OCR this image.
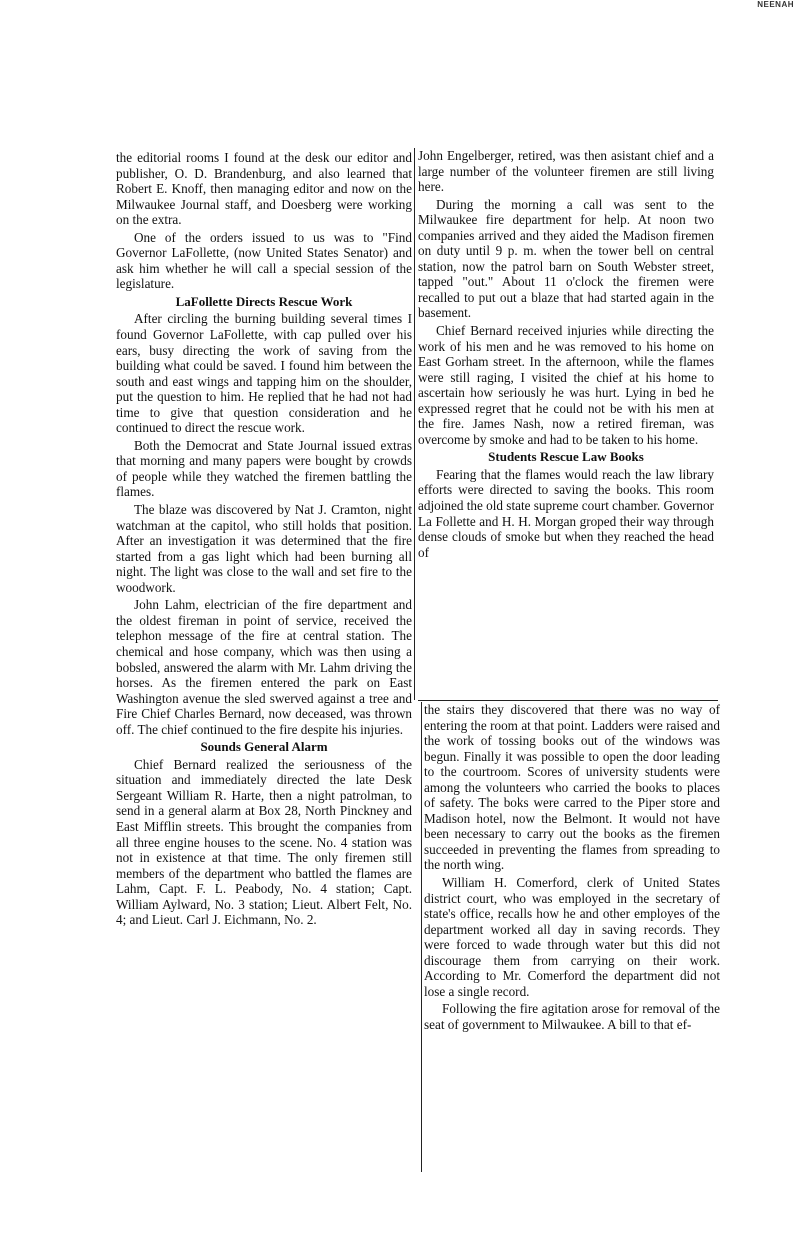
NEENAH

the editorial rooms I found at the desk our editor and publisher, O. D. Brandenburg, and also learned that Robert E. Knoff, then managing editor and now on the Milwaukee Journal staff, and Doesberg were working on the extra.

One of the orders issued to us was to "Find Governor LaFollette, (now United States Senator) and ask him whether he will call a special session of the legislature.

LaFollette Directs Rescue Work

After circling the burning building several times I found Governor LaFollette, with cap pulled over his ears, busy directing the work of saving from the building what could be saved. I found him between the south and east wings and tapping him on the shoulder, put the question to him. He replied that he had not had time to give that question consideration and he continued to direct the rescue work.

Both the Democrat and State Journal issued extras that morning and many papers were bought by crowds of people while they watched the firemen battling the flames.

The blaze was discovered by Nat J. Cramton, night watchman at the capitol, who still holds that position. After an investigation it was determined that the fire started from a gas light which had been burning all night. The light was close to the wall and set fire to the woodwork.

John Lahm, electrician of the fire department and the oldest fireman in point of service, received the telephon message of the fire at central station. The chemical and hose company, which was then using a bobsled, answered the alarm with Mr. Lahm driving the horses. As the firemen entered the park on East Washington avenue the sled swerved against a tree and Fire Chief Charles Bernard, now deceased, was thrown off. The chief continued to the fire despite his injuries.

Sounds General Alarm

Chief Bernard realized the seriousness of the situation and immediately directed the late Desk Sergeant William R. Harte, then a night patrolman, to send in a general alarm at Box 28, North Pinckney and East Mifflin streets. This brought the companies from all three engine houses to the scene. No. 4 station was not in existence at that time. The only firemen still members of the department who battled the flames are Lahm, Capt. F. L. Peabody, No. 4 station; Capt. William Aylward, No. 3 station; Lieut. Albert Felt, No. 4; and Lieut. Carl J. Eichmann, No. 2.

John Engelberger, retired, was then asistant chief and a large number of the volunteer firemen are still living here.

During the morning a call was sent to the Milwaukee fire department for help. At noon two companies arrived and they aided the Madison firemen on duty until 9 p. m. when the tower bell on central station, now the patrol barn on South Webster street, tapped "out." About 11 o'clock the firemen were recalled to put out a blaze that had started again in the basement.

Chief Bernard received injuries while directing the work of his men and he was removed to his home on East Gorham street. In the afternoon, while the flames were still raging, I visited the chief at his home to ascertain how seriously he was hurt. Lying in bed he expressed regret that he could not be with his men at the fire. James Nash, now a retired fireman, was overcome by smoke and had to be taken to his home.

Students Rescue Law Books

Fearing that the flames would reach the law library efforts were directed to saving the books. This room adjoined the old state supreme court chamber. Governor La Follette and H. H. Morgan groped their way through dense clouds of smoke but when they reached the head of

the stairs they discovered that there was no way of entering the room at that point. Ladders were raised and the work of tossing books out of the windows was begun. Finally it was possible to open the door leading to the courtroom. Scores of university students were among the volunteers who carried the books to places of safety. The boks were carred to the Piper store and Madison hotel, now the Belmont. It would not have been necessary to carry out the books as the firemen succeeded in preventing the flames from spreading to the north wing.

William H. Comerford, clerk of United States district court, who was employed in the secretary of state's office, recalls how he and other employes of the department worked all day in saving records. They were forced to wade through water but this did not discourage them from carrying on their work. According to Mr. Comerford the department did not lose a single record.

Following the fire agitation arose for removal of the seat of government to Milwaukee. A bill to that ef-
